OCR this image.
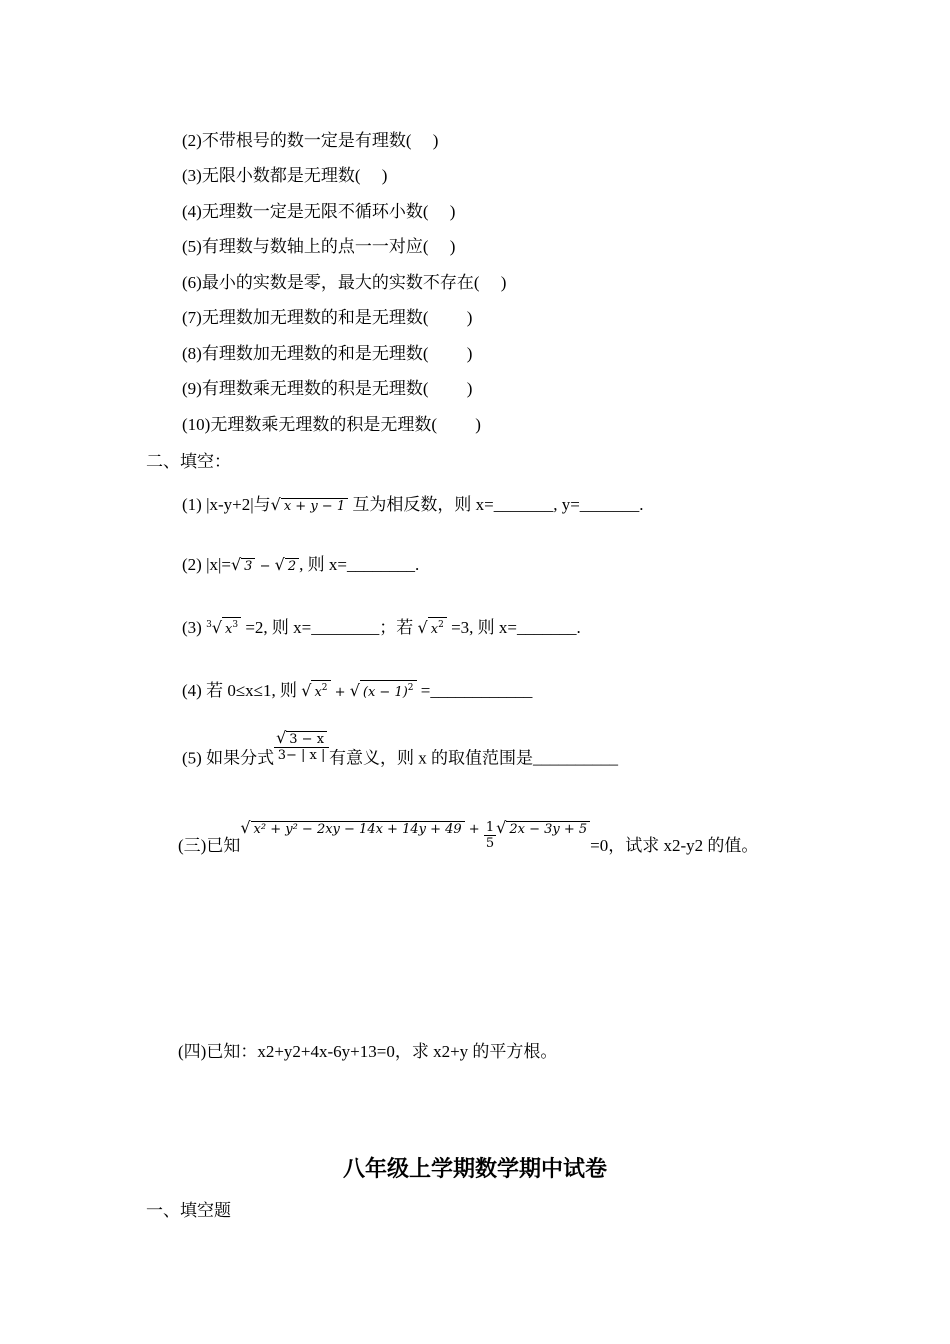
(2)不带根号的数一定是有理数(　 )
(3)无限小数都是无理数(　 )
(4)无理数一定是无限不循环小数(　 )
(5)有理数与数轴上的点一一对应(　 )
(6)最小的实数是零，最大的实数不存在(　 )
(7)无理数加无理数的和是无理数(　 　)
(8)有理数加无理数的和是无理数(　 　)
(9)有理数乘无理数的积是无理数(　 　)
(10)无理数乘无理数的积是无理数(　 　)
二、填空：
(1) |x-y+2|与√ x + y − 1 互为相反数，则 x=_______, y=_______.
(2) |x|=√ 3 − √ 2 , 则 x=________.
(3) $^3$√ $x^3 =2$, 则 x=________；若 √ $x^2 =3$, 则 x=_______.
(4) 若 0≤x≤1, 则 √ $x^2$ + √ $(x - 1)^2$ =____________
(5) 如果分式 $\frac{√ 3 - x}{3- | x |}$ 有意义，则 x 的取值范围是__________
(三)已知$^{√ x^2 + y^2 - 2xy - 14x + 14y + 49}$ $^+ \frac{1}{5} ^{√ 2x - 3y + 5}=0$，试求 x2-y2 的值。
(四)已知：x2+y2+4x-6y+13=0，求 x2+y 的平方根。
八年级上学期数学期中试卷
一、填空题
